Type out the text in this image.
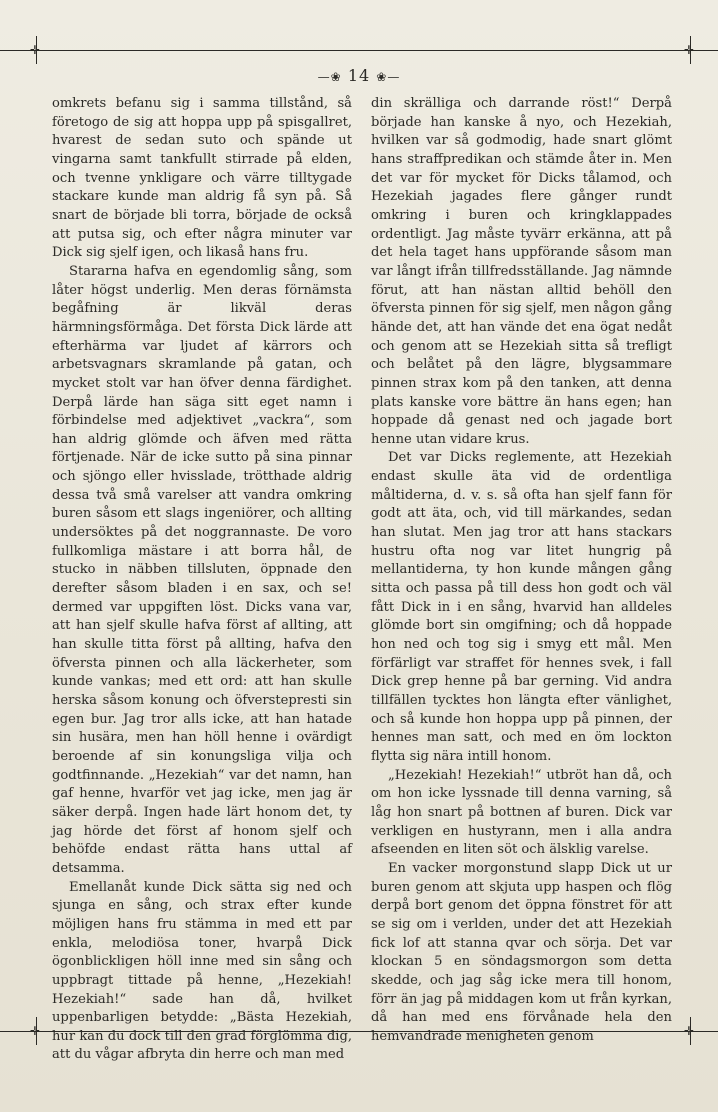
✛	✛
✛	✛
—❀ 14 ❀—

omkrets befanu sig i samma tillstånd, så företogo de sig att hoppa upp på spisgallret, hvarest de sedan suto och spände ut vingarna samt tankfullt stirrade på elden, och tvenne ynkligare och värre tilltygade stackare kunde man aldrig få syn på. Så snart de började bli torra, började de också att putsa sig, och efter några minuter var Dick sig sjelf igen, och likaså hans fru.

Stararna hafva en egendomlig sång, som låter högst underlig. Men deras förnämsta begåfning är likväl deras härmningsförmåga. Det första Dick lärde att efterhärma var ljudet af kärrors och arbetsvagnars skramlande på gatan, och mycket stolt var han öfver denna färdighet. Derpå lärde han säga sitt eget namn i förbindelse med adjektivet „vackra“, som han aldrig glömde och äfven med rätta förtjenade. När de icke sutto på sina pinnar och sjöngo eller hvisslade, trötthade aldrig dessa två små varelser att vandra omkring buren såsom ett slags ingeniörer, och allting undersöktes på det noggrannaste. De voro fullkomliga mästare i att borra hål, de stucko in näbben tillsluten, öppnade den derefter såsom bladen i en sax, och se! dermed var uppgiften löst. Dicks vana var, att han sjelf skulle hafva först af allting, att han skulle titta först på allting, hafva den öfversta pinnen och alla läckerheter, som kunde vankas; med ett ord: att han skulle herska såsom konung och öfverstepresti sin egen bur. Jag tror alls icke, att han hatade sin husära, men han höll henne i ovärdigt beroende af sin konungsliga vilja och godtfinnande. „Hezekiah“ var det namn, han gaf henne, hvarför vet jag icke, men jag är säker derpå. Ingen hade lärt honom det, ty jag hörde det först af honom sjelf och behöfde endast rätta hans uttal af detsamma.

Emellanåt kunde Dick sätta sig ned och sjunga en sång, och strax efter kunde möjligen hans fru stämma in med ett par enkla, melodiösa toner, hvarpå Dick ögonblickligen höll inne med sin sång och uppbragt tittade på henne, „Hezekiah! Hezekiah!“ sade han då, hvilket uppenbarligen betydde: „Bästa Hezekiah, hur kan du dock till den grad förglömma dig, att du vågar afbryta din herre och man med

din skrälliga och darrande röst!“ Derpå började han kanske å nyo, och Hezekiah, hvilken var så godmodig, hade snart glömt hans straffpredikan och stämde åter in. Men det var för mycket för Dicks tålamod, och Hezekiah jagades flere gånger rundt omkring i buren och kringklappades ordentligt. Jag måste tyvärr erkänna, att på det hela taget hans uppförande såsom man var långt ifrån tillfredsställande. Jag nämnde förut, att han nästan alltid behöll den öfversta pinnen för sig sjelf, men någon gång hände det, att han vände det ena ögat nedåt och genom att se Hezekiah sitta så trefligt och belåtet på den lägre, blygsammare pinnen strax kom på den tanken, att denna plats kanske vore bättre än hans egen; han hoppade då genast ned och jagade bort henne utan vidare krus.

Det var Dicks reglemente, att Hezekiah endast skulle äta vid de ordentliga måltiderna, d. v. s. så ofta han sjelf fann för godt att äta, och, vid till märkandes, sedan han slutat. Men jag tror att hans stackars hustru ofta nog var litet hungrig på mellantiderna, ty hon kunde mången gång sitta och passa på till dess hon godt och väl fått Dick in i en sång, hvarvid han alldeles glömde bort sin omgifning; och då hoppade hon ned och tog sig i smyg ett mål. Men förfärligt var straffet för hennes svek, i fall Dick grep henne på bar gerning. Vid andra tillfällen tycktes hon längta efter vänlighet, och så kunde hon hoppa upp på pinnen, der hennes man satt, och med en öm lockton flytta sig nära intill honom.

„Hezekiah! Hezekiah!“ utbröt han då, och om hon icke lyssnade till denna varning, så låg hon snart på bottnen af buren. Dick var verkligen en hustyrann, men i alla andra afseenden en liten söt och älsklig varelse.

En vacker morgonstund slapp Dick ut ur buren genom att skjuta upp haspen och flög derpå bort genom det öppna fönstret för att se sig om i verlden, under det att Hezekiah fick lof att stanna qvar och sörja. Det var klockan 5 en söndagsmorgon som detta skedde, och jag såg icke mera till honom, förr än jag på middagen kom ut från kyrkan, då han med ens förvånade hela den hemvandrade menigheten genom
